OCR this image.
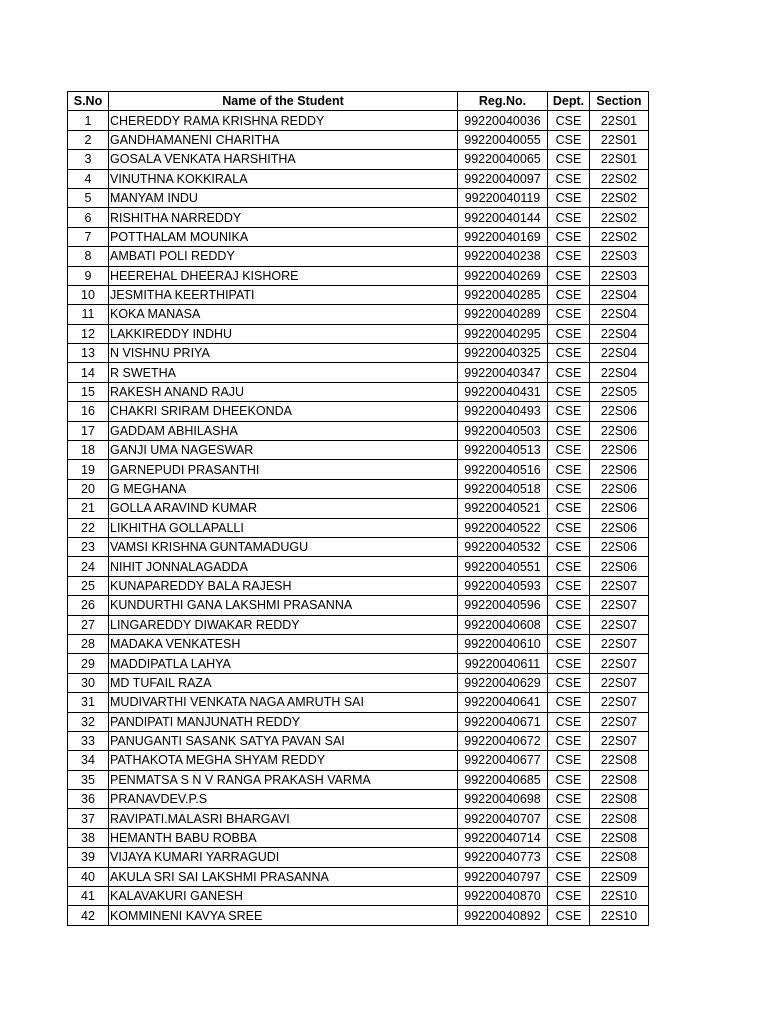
S.No	Name of the Student	Reg.No.	Dept.	Section
1	CHEREDDY RAMA KRISHNA REDDY	99220040036	CSE	22S01
2	GANDHAMANENI CHARITHA	99220040055	CSE	22S01
3	GOSALA VENKATA HARSHITHA	99220040065	CSE	22S01
4	VINUTHNA KOKKIRALA	99220040097	CSE	22S02
5	MANYAM INDU	99220040119	CSE	22S02
6	RISHITHA NARREDDY	99220040144	CSE	22S02
7	POTTHALAM MOUNIKA	99220040169	CSE	22S02
8	AMBATI POLI REDDY	99220040238	CSE	22S03
9	HEEREHAL DHEERAJ KISHORE	99220040269	CSE	22S03
10	JESMITHA KEERTHIPATI	99220040285	CSE	22S04
11	KOKA MANASA	99220040289	CSE	22S04
12	LAKKIREDDY INDHU	99220040295	CSE	22S04
13	N VISHNU PRIYA	99220040325	CSE	22S04
14	R SWETHA	99220040347	CSE	22S04
15	RAKESH ANAND RAJU	99220040431	CSE	22S05
16	CHAKRI SRIRAM DHEEKONDA	99220040493	CSE	22S06
17	GADDAM ABHILASHA	99220040503	CSE	22S06
18	GANJI UMA NAGESWAR	99220040513	CSE	22S06
19	GARNEPUDI PRASANTHI	99220040516	CSE	22S06
20	G MEGHANA	99220040518	CSE	22S06
21	GOLLA ARAVIND KUMAR	99220040521	CSE	22S06
22	LIKHITHA GOLLAPALLI	99220040522	CSE	22S06
23	VAMSI KRISHNA GUNTAMADUGU	99220040532	CSE	22S06
24	NIHIT JONNALAGADDA	99220040551	CSE	22S06
25	KUNAPAREDDY BALA RAJESH	99220040593	CSE	22S07
26	KUNDURTHI GANA LAKSHMI PRASANNA	99220040596	CSE	22S07
27	LINGAREDDY DIWAKAR REDDY	99220040608	CSE	22S07
28	MADAKA VENKATESH	99220040610	CSE	22S07
29	MADDIPATLA LAHYA	99220040611	CSE	22S07
30	MD TUFAIL RAZA	99220040629	CSE	22S07
31	MUDIVARTHI VENKATA NAGA AMRUTH SAI	99220040641	CSE	22S07
32	PANDIPATI MANJUNATH REDDY	99220040671	CSE	22S07
33	PANUGANTI SASANK SATYA PAVAN SAI	99220040672	CSE	22S07
34	PATHAKOTA MEGHA SHYAM REDDY	99220040677	CSE	22S08
35	PENMATSA S N V RANGA PRAKASH VARMA	99220040685	CSE	22S08
36	PRANAVDEV.P.S	99220040698	CSE	22S08
37	RAVIPATI.MALASRI BHARGAVI	99220040707	CSE	22S08
38	HEMANTH BABU ROBBA	99220040714	CSE	22S08
39	VIJAYA KUMARI YARRAGUDI	99220040773	CSE	22S08
40	AKULA SRI SAI LAKSHMI PRASANNA	99220040797	CSE	22S09
41	KALAVAKURI GANESH	99220040870	CSE	22S10
42	KOMMINENI KAVYA SREE	99220040892	CSE	22S10
